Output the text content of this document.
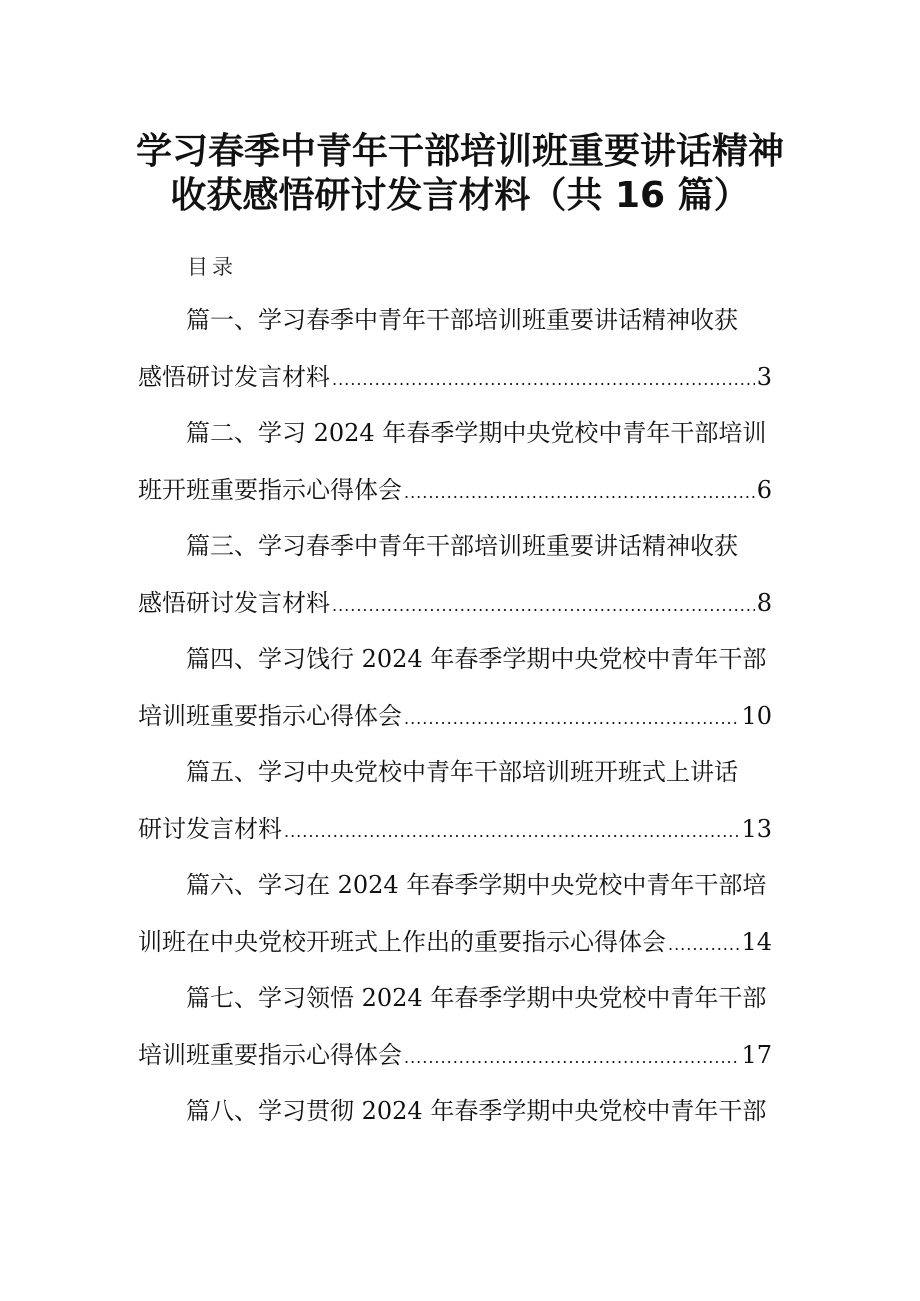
学习春季中青年干部培训班重要讲话精神
收获感悟研讨发言材料（共 16 篇）
目录
篇一、学习春季中青年干部培训班重要讲话精神收获
感悟研讨发言材料 .....	3
篇二、学习 2024 年春季学期中央党校中青年干部培训
班开班重要指示心得体会 .....	6
篇三、学习春季中青年干部培训班重要讲话精神收获
感悟研讨发言材料 .....	8
篇四、学习饯行 2024 年春季学期中央党校中青年干部
培训班重要指示心得体会 .....	10
篇五、学习中央党校中青年干部培训班开班式上讲话
研讨发言材料 .....	13
篇六、学习在 2024 年春季学期中央党校中青年干部培
训班在中央党校开班式上作出的重要指示心得体会 .....	14
篇七、学习领悟 2024 年春季学期中央党校中青年干部
培训班重要指示心得体会 .....	17
篇八、学习贯彻 2024 年春季学期中央党校中青年干部
